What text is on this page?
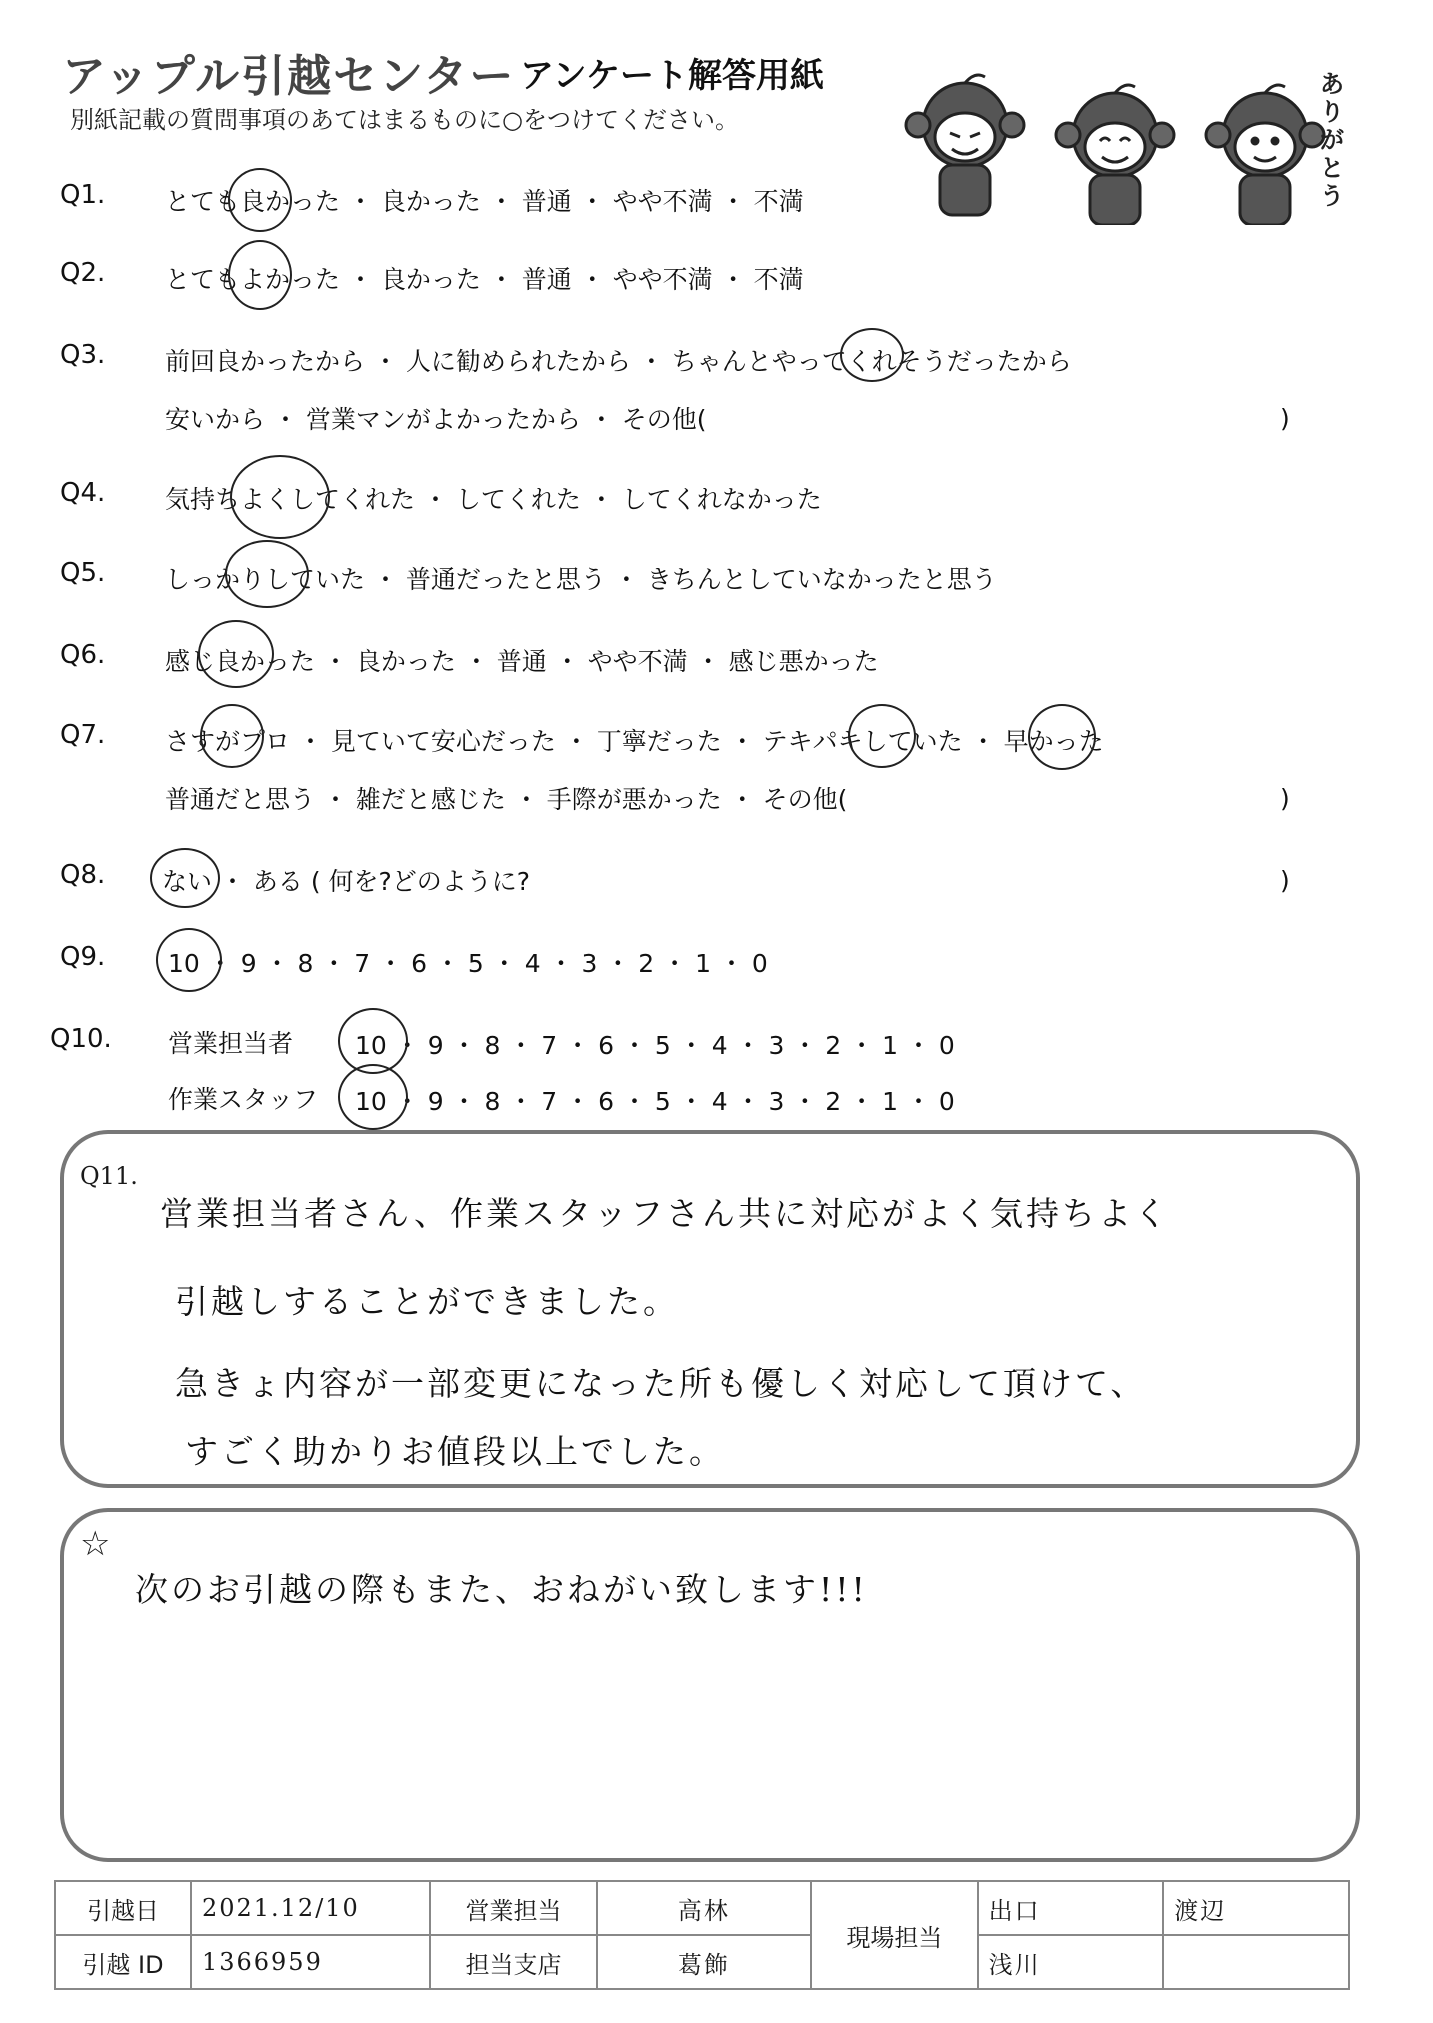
アップル引越センター アンケート解答用紙
別紙記載の質問事項のあてはまるものに○をつけてください。
ありがとう
Q1. とても良かった ・ 良かった ・ 普通 ・ やや不満 ・ 不満
Q2. とてもよかった ・ 良かった ・ 普通 ・ やや不満 ・ 不満
Q3. 前回良かったから ・ 人に勧められたから ・ ちゃんとやってくれそうだったから
安いから ・ 営業マンがよかったから ・ その他(	)
Q4. 気持ちよくしてくれた ・ してくれた ・ してくれなかった
Q5. しっかりしていた ・ 普通だったと思う ・ きちんとしていなかったと思う
Q6. 感じ良かった ・ 良かった ・ 普通 ・ やや不満 ・ 感じ悪かった
Q7. さすがプロ ・ 見ていて安心だった ・ 丁寧だった ・ テキパキしていた ・ 早かった
普通だと思う ・ 雑だと感じた ・ 手際が悪かった ・ その他(	)
Q8. ない ・ ある ( 何を?どのように?	)
Q9.	10 ・ 9 ・ 8 ・ 7 ・ 6 ・ 5 ・ 4 ・ 3 ・ 2 ・ 1 ・ 0
Q10. 営業担当者 10 ・ 9 ・ 8 ・ 7 ・ 6 ・ 5 ・ 4 ・ 3 ・ 2 ・ 1 ・ 0
作業スタッフ 10 ・ 9 ・ 8 ・ 7 ・ 6 ・ 5 ・ 4 ・ 3 ・ 2 ・ 1 ・ 0
Q11.
営業担当者さん、作業スタッフさん共に対応がよく気持ちよく
引越しすることができました。
急きょ内容が一部変更になった所も優しく対応して頂けて、
すごく助かりお値段以上でした。
☆
次のお引越の際もまた、おねがい致します!!!
引越日	2021.12/10	営業担当	高林	現場担当	出口	渡辺
引越 ID	1366959	担当支店	葛飾		浅川	
